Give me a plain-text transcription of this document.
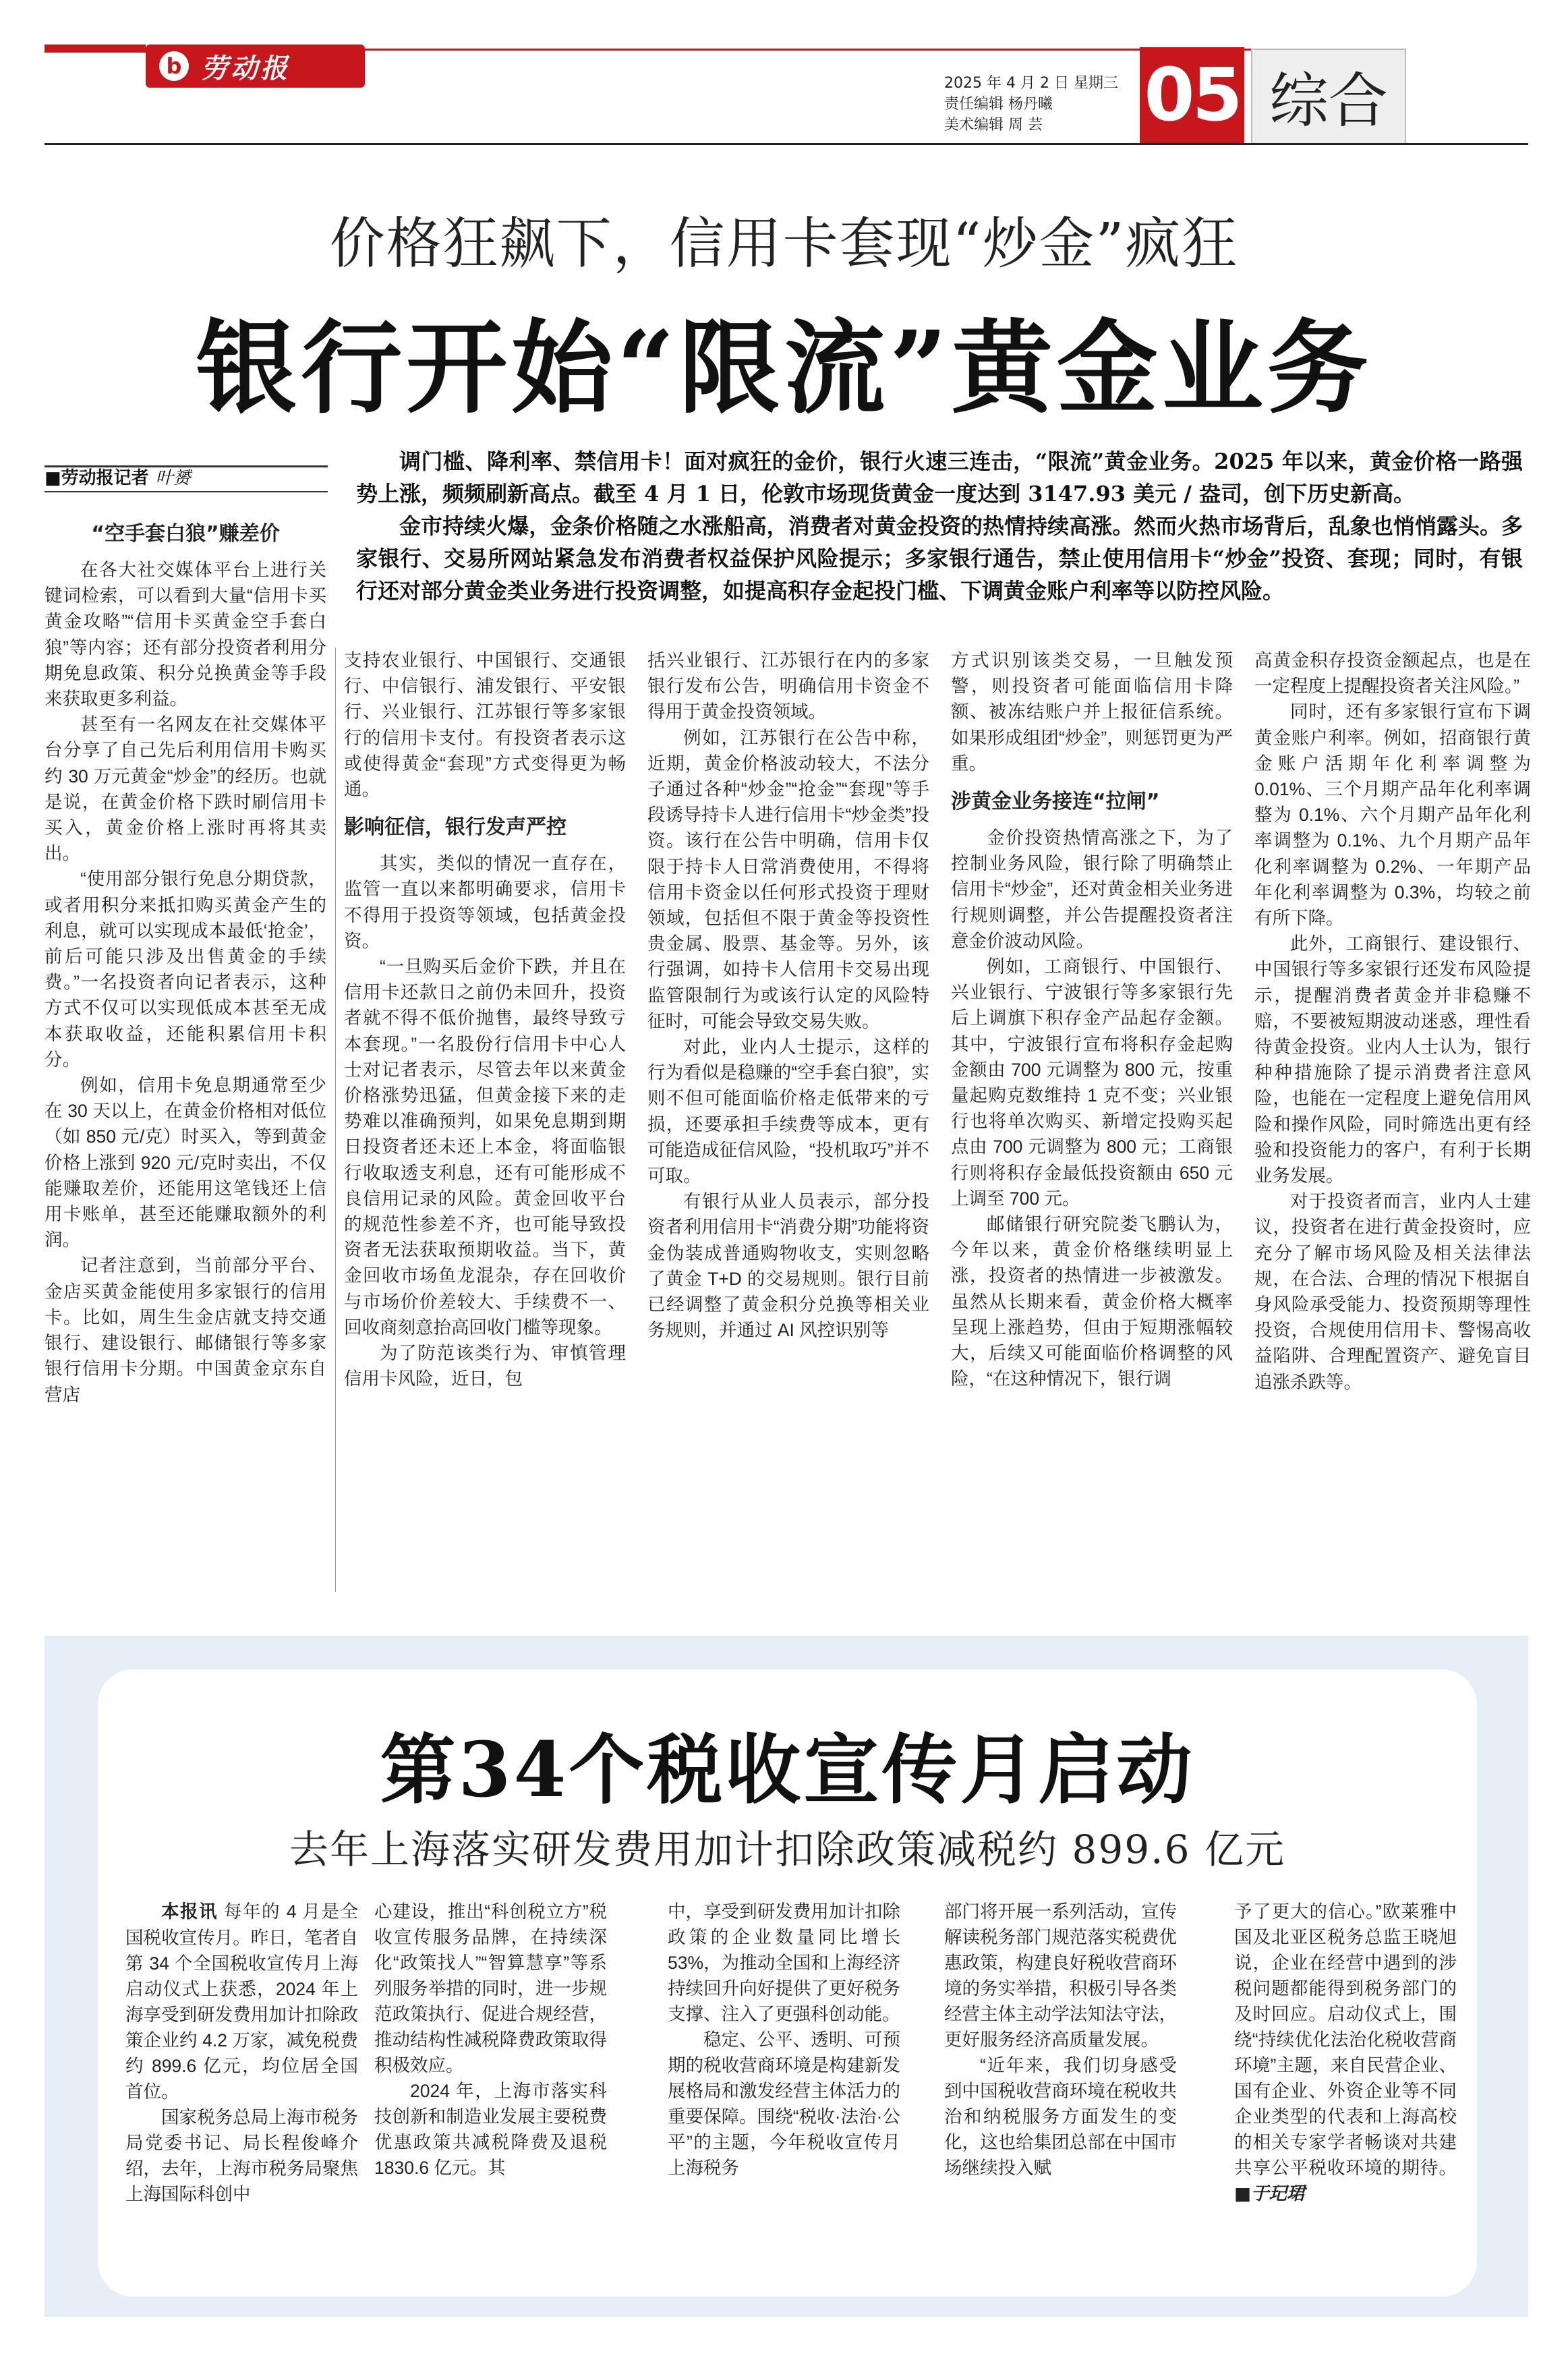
b 劳动报	2025 年 4 月 2 日 星期三
责任编辑 杨丹曦
美术编辑 周 芸	05 综合
价格狂飙下，信用卡套现“炒金”疯狂
银行开始“限流”黄金业务
■劳动报记者 叶赟

调门槛、降利率、禁信用卡！面对疯狂的金价，银行火速三连击，“限流”黄金业务。2025 年以来，黄金价格一路强势上涨，频频刷新高点。截至 4 月 1 日，伦敦市场现货黄金一度达到 3147.93 美元 / 盎司，创下历史新高。

金市持续火爆，金条价格随之水涨船高，消费者对黄金投资的热情持续高涨。然而火热市场背后，乱象也悄悄露头。多家银行、交易所网站紧急发布消费者权益保护风险提示；多家银行通告，禁止使用信用卡“炒金”投资、套现；同时，有银行还对部分黄金类业务进行投资调整，如提高积存金起投门槛、下调黄金账户利率等以防控风险。

“空手套白狼”赚差价

在各大社交媒体平台上进行关键词检索，可以看到大量“信用卡买黄金攻略”“信用卡买黄金空手套白狼”等内容；还有部分投资者利用分期免息政策、积分兑换黄金等手段来获取更多利益。

甚至有一名网友在社交媒体平台分享了自己先后利用信用卡购买约 30 万元黄金“炒金”的经历。也就是说，在黄金价格下跌时刷信用卡买入，黄金价格上涨时再将其卖出。

“使用部分银行免息分期贷款，或者用积分来抵扣购买黄金产生的利息，就可以实现成本最低‘抢金’，前后可能只涉及出售黄金的手续费。”一名投资者向记者表示，这种方式不仅可以实现低成本甚至无成本获取收益，还能积累信用卡积分。

例如，信用卡免息期通常至少在 30 天以上，在黄金价格相对低位（如 850 元/克）时买入，等到黄金价格上涨到 920 元/克时卖出，不仅能赚取差价，还能用这笔钱还上信用卡账单，甚至还能赚取额外的利润。

记者注意到，当前部分平台、金店买黄金能使用多家银行的信用卡。比如，周生生金店就支持交通银行、建设银行、邮储银行等多家银行信用卡分期。中国黄金京东自营店

支持农业银行、中国银行、交通银行、中信银行、浦发银行、平安银行、兴业银行、江苏银行等多家银行的信用卡支付。有投资者表示这或使得黄金“套现”方式变得更为畅通。

影响征信，银行发声严控

其实，类似的情况一直存在，监管一直以来都明确要求，信用卡不得用于投资等领域，包括黄金投资。

“一旦购买后金价下跌，并且在信用卡还款日之前仍未回升，投资者就不得不低价抛售，最终导致亏本套现。”一名股份行信用卡中心人士对记者表示，尽管去年以来黄金价格涨势迅猛，但黄金接下来的走势难以准确预判，如果免息期到期日投资者还未还上本金，将面临银行收取透支利息，还有可能形成不良信用记录的风险。黄金回收平台的规范性参差不齐，也可能导致投资者无法获取预期收益。当下，黄金回收市场鱼龙混杂，存在回收价与市场价价差较大、手续费不一、回收商刻意抬高回收门槛等现象。

为了防范该类行为、审慎管理信用卡风险，近日，包

括兴业银行、江苏银行在内的多家银行发布公告，明确信用卡资金不得用于黄金投资领域。

例如，江苏银行在公告中称，近期，黄金价格波动较大，不法分子通过各种“炒金”“抢金”“套现”等手段诱导持卡人进行信用卡“炒金类”投资。该行在公告中明确，信用卡仅限于持卡人日常消费使用，不得将信用卡资金以任何形式投资于理财领域，包括但不限于黄金等投资性贵金属、股票、基金等。另外，该行强调，如持卡人信用卡交易出现监管限制行为或该行认定的风险特征时，可能会导致交易失败。

对此，业内人士提示，这样的行为看似是稳赚的“空手套白狼”，实则不但可能面临价格走低带来的亏损，还要承担手续费等成本，更有可能造成征信风险，“投机取巧”并不可取。

有银行从业人员表示，部分投资者利用信用卡“消费分期”功能将资金伪装成普通购物收支，实则忽略了黄金 T+D 的交易规则。银行目前已经调整了黄金积分兑换等相关业务规则，并通过 AI 风控识别等

方式识别该类交易，一旦触发预警，则投资者可能面临信用卡降额、被冻结账户并上报征信系统。如果形成组团“炒金”，则惩罚更为严重。

涉黄金业务接连“拉闸”

金价投资热情高涨之下，为了控制业务风险，银行除了明确禁止信用卡“炒金”，还对黄金相关业务进行规则调整，并公告提醒投资者注意金价波动风险。

例如，工商银行、中国银行、兴业银行、宁波银行等多家银行先后上调旗下积存金产品起存金额。其中，宁波银行宣布将积存金起购金额由 700 元调整为 800 元，按重量起购克数维持 1 克不变；兴业银行也将单次购买、新增定投购买起点由 700 元调整为 800 元；工商银行则将积存金最低投资额由 650 元上调至 700 元。

邮储银行研究院娄飞鹏认为，今年以来，黄金价格继续明显上涨，投资者的热情进一步被激发。虽然从长期来看，黄金价格大概率呈现上涨趋势，但由于短期涨幅较大，后续又可能面临价格调整的风险，“在这种情况下，银行调

高黄金积存投资金额起点，也是在一定程度上提醒投资者关注风险。”

同时，还有多家银行宣布下调黄金账户利率。例如，招商银行黄金账户活期年化利率调整为 0.01%、三个月期产品年化利率调整为 0.1%、六个月期产品年化利率调整为 0.1%、九个月期产品年化利率调整为 0.2%、一年期产品年化利率调整为 0.3%，均较之前有所下降。

此外，工商银行、建设银行、中国银行等多家银行还发布风险提示，提醒消费者黄金并非稳赚不赔，不要被短期波动迷惑，理性看待黄金投资。业内人士认为，银行种种措施除了提示消费者注意风险，也能在一定程度上避免信用风险和操作风险，同时筛选出更有经验和投资能力的客户，有利于长期业务发展。

对于投资者而言，业内人士建议，投资者在进行黄金投资时，应充分了解市场风险及相关法律法规，在合法、合理的情况下根据自身风险承受能力、投资预期等理性投资，合规使用信用卡、警惕高收益陷阱、合理配置资产、避免盲目追涨杀跌等。

第34个税收宣传月启动
去年上海落实研发费用加计扣除政策减税约 899.6 亿元

本报讯 每年的 4 月是全国税收宣传月。昨日，笔者自第 34 个全国税收宣传月上海启动仪式上获悉，2024 年上海享受到研发费用加计扣除政策企业约 4.2 万家，减免税费约 899.6 亿元，均位居全国首位。

国家税务总局上海市税务局党委书记、局长程俊峰介绍，去年，上海市税务局聚焦上海国际科创中

心建设，推出“科创税立方”税收宣传服务品牌，在持续深化“政策找人”“智算慧享”等系列服务举措的同时，进一步规范政策执行、促进合规经营，推动结构性减税降费政策取得积极效应。

2024 年，上海市落实科技创新和制造业发展主要税费优惠政策共减税降费及退税 1830.6 亿元。其

中，享受到研发费用加计扣除政策的企业数量同比增长 53%，为推动全国和上海经济持续回升向好提供了更好税务支撑、注入了更强科创动能。

稳定、公平、透明、可预期的税收营商环境是构建新发展格局和激发经营主体活力的重要保障。围绕“税收·法治·公平”的主题，今年税收宣传月上海税务

部门将开展一系列活动，宣传解读税务部门规范落实税费优惠政策，构建良好税收营商环境的务实举措，积极引导各类经营主体主动学法知法守法，更好服务经济高质量发展。

“近年来，我们切身感受到中国税收营商环境在税收共治和纳税服务方面发生的变化，这也给集团总部在中国市场继续投入赋

予了更大的信心。”欧莱雅中国及北亚区税务总监王晓旭说，企业在经营中遇到的涉税问题都能得到税务部门的及时回应。启动仪式上，围绕“持续优化法治化税收营商环境”主题，来自民营企业、国有企业、外资企业等不同企业类型的代表和上海高校的相关专家学者畅谈对共建共享公平税收环境的期待。■于玘珺
